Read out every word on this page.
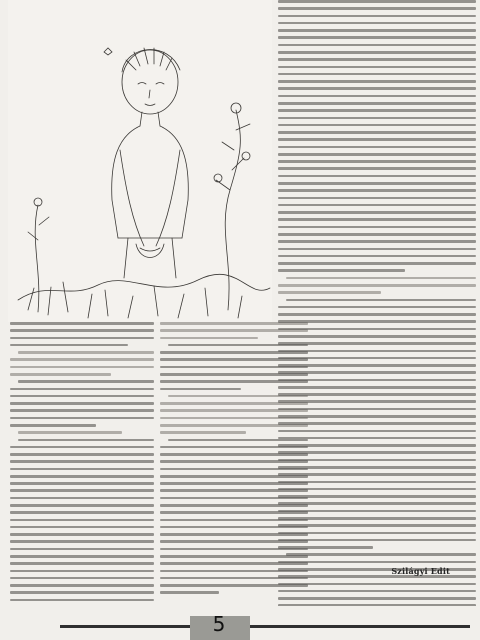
Szilágyi Edit
5
